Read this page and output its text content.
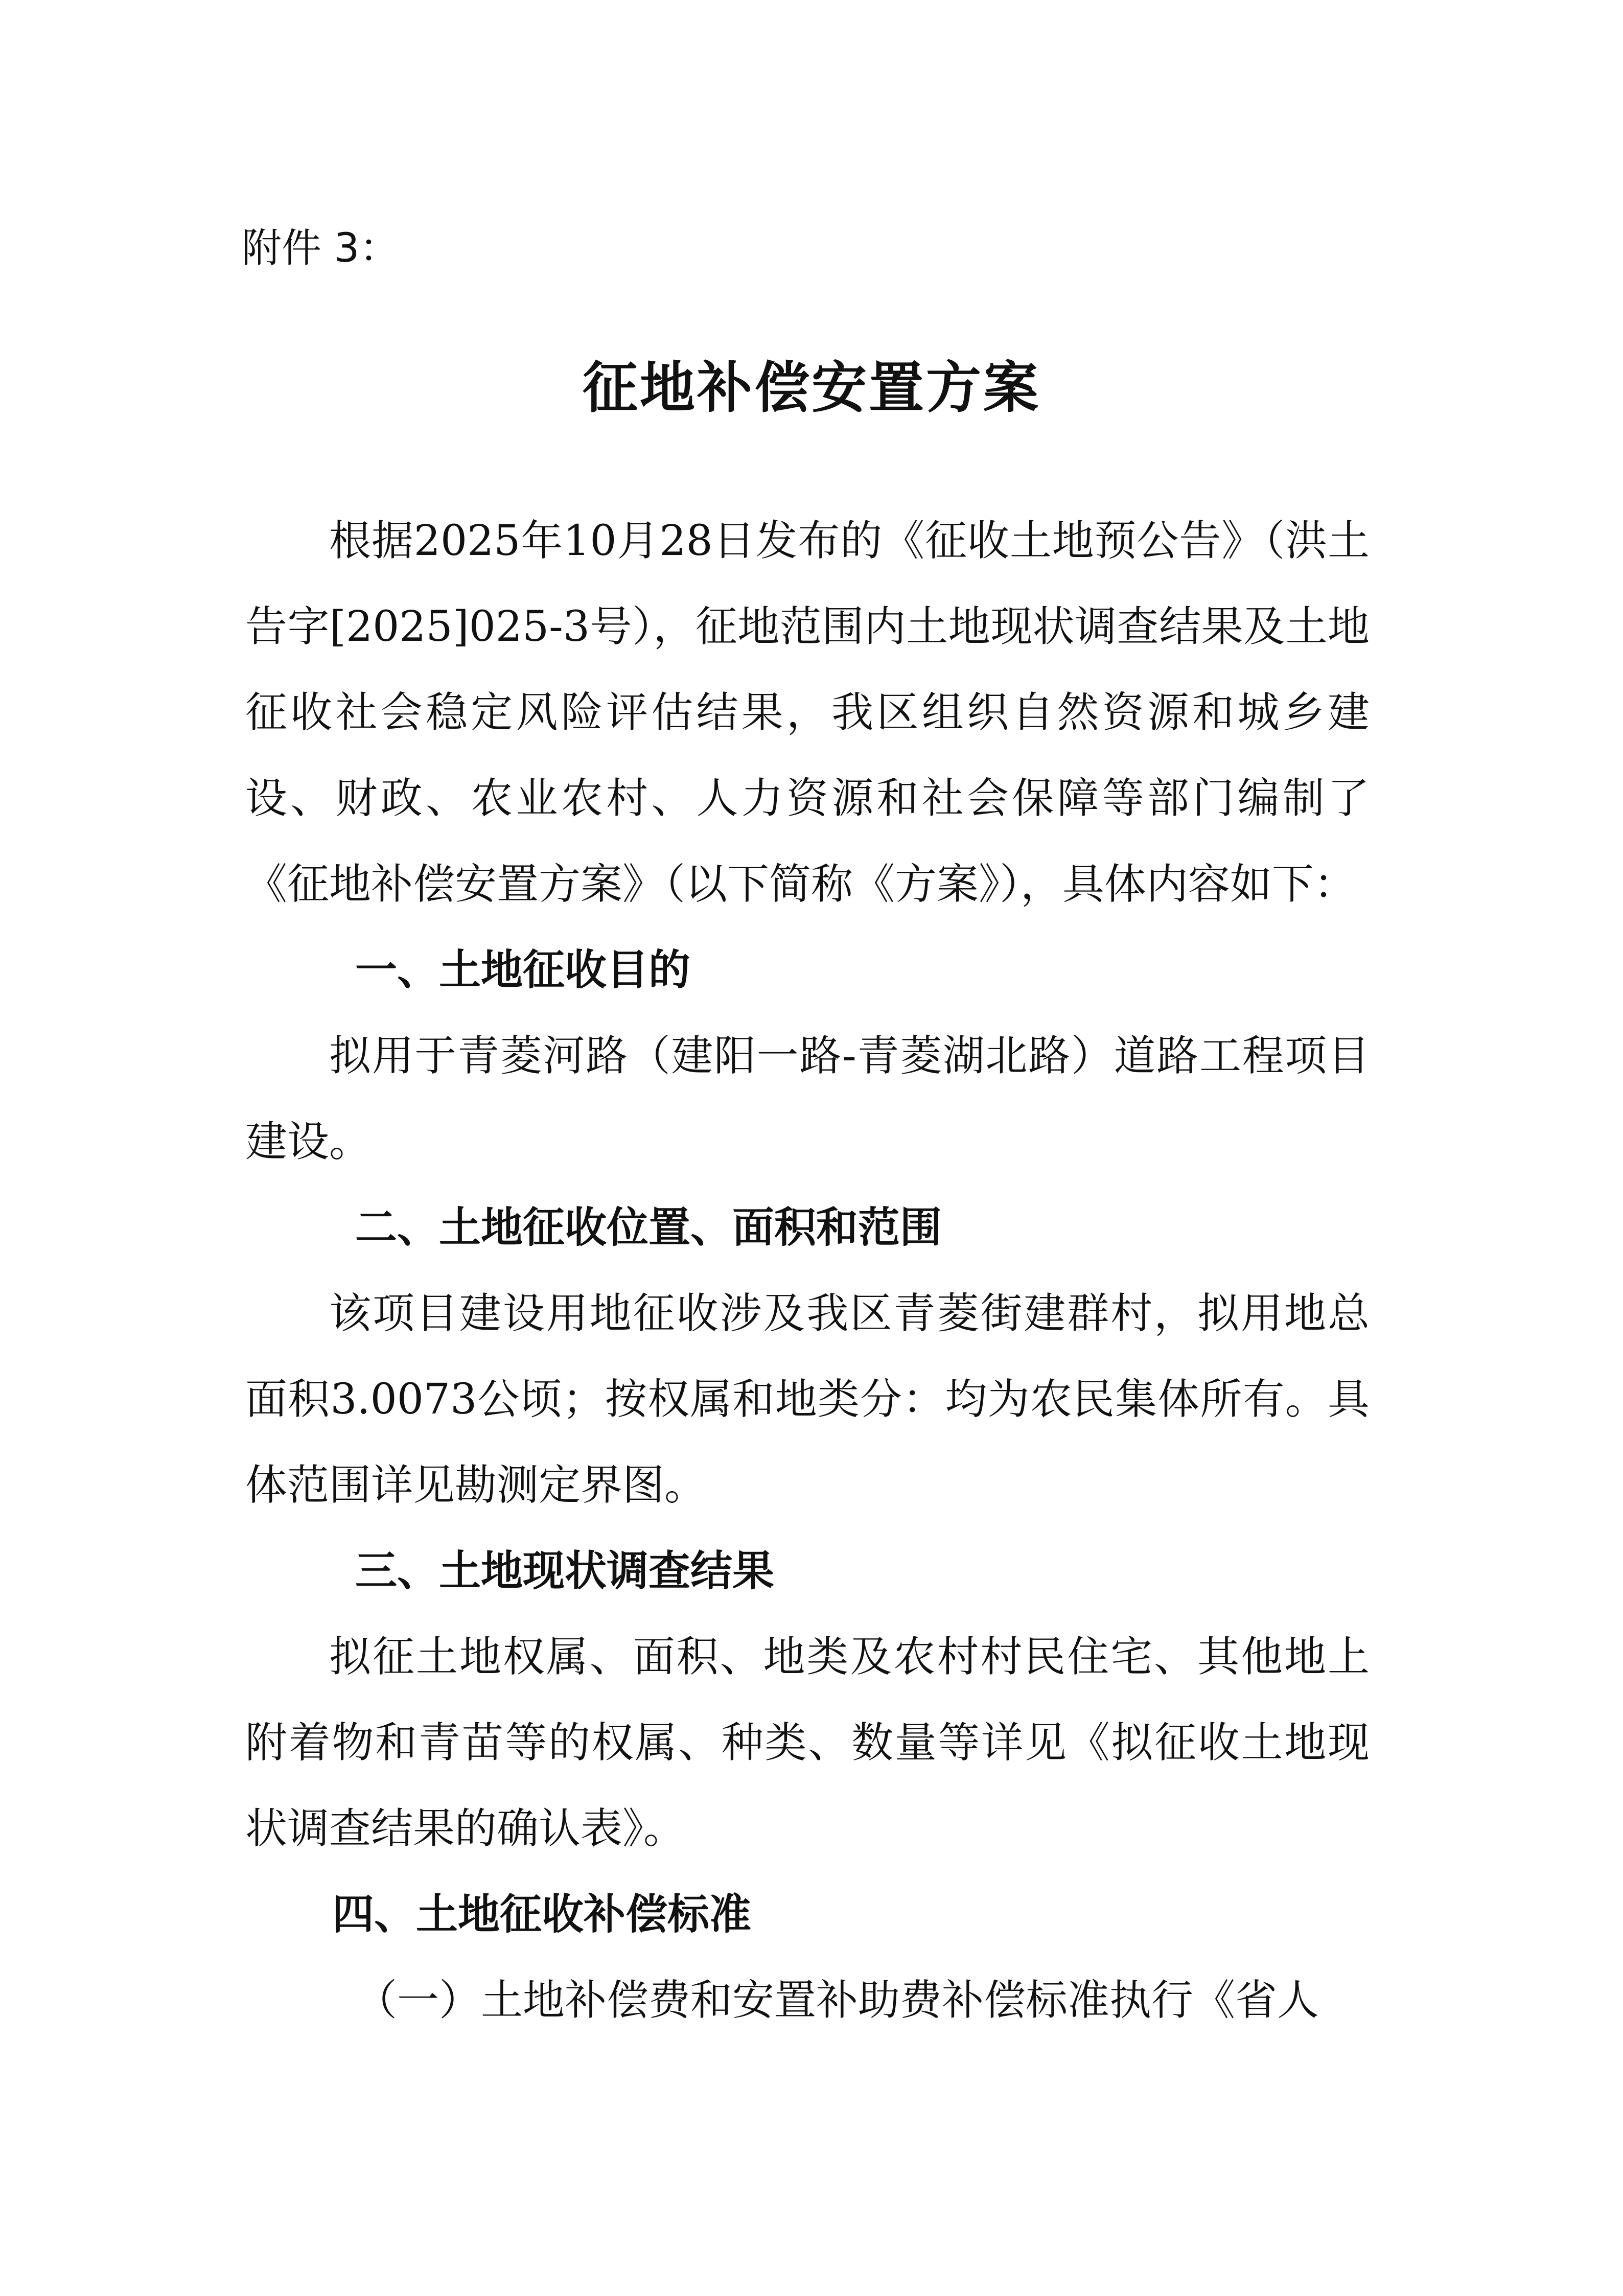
附件 3：
征地补偿安置方案

根据2025年10月28日发布的《征收土地预公告》（洪土告字[2025]025-3号），征地范围内土地现状调查结果及土地征收社会稳定风险评估结果，我区组织自然资源和城乡建设、财政、农业农村、人力资源和社会保障等部门编制了《征地补偿安置方案》（以下简称《方案》），具体内容如下：

一、土地征收目的

拟用于青菱河路（建阳一路-青菱湖北路）道路工程项目建设。

二、土地征收位置、面积和范围

该项目建设用地征收涉及我区青菱街建群村，拟用地总面积3.0073公顷；按权属和地类分：均为农民集体所有。具体范围详见勘测定界图。

三、土地现状调查结果

拟征土地权属、面积、地类及农村村民住宅、其他地上附着物和青苗等的权属、种类、数量等详见《拟征收土地现状调查结果的确认表》。

四、土地征收补偿标准

（一）土地补偿费和安置补助费补偿标准执行《省人
